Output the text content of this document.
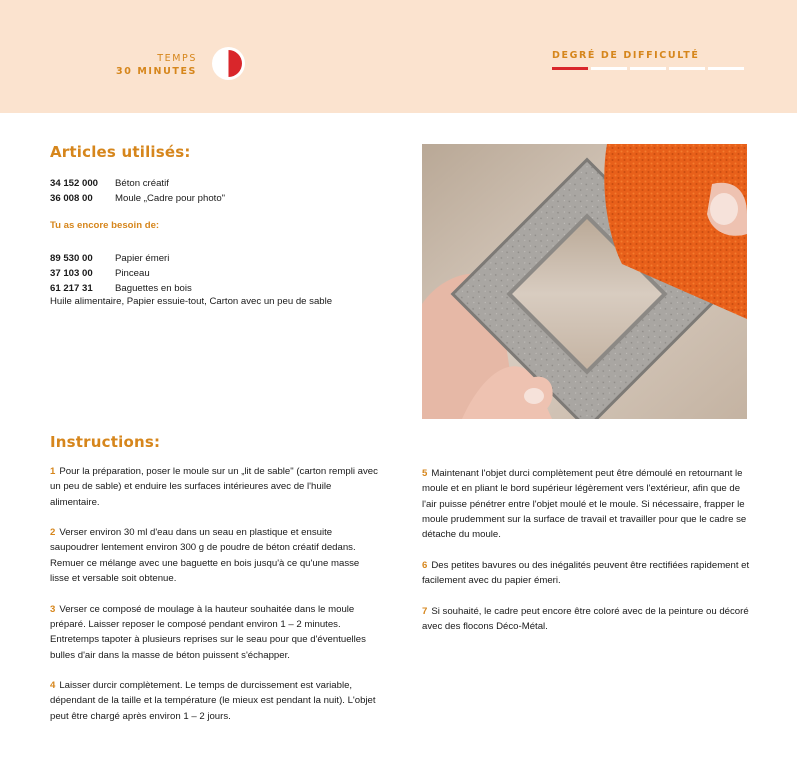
TEMPS
30 MINUTES
DEGRÉ DE DIFFICULTÉ
Articles utilisés:
34 152 000	Béton créatif
36 008 00	Moule „Cadre pour photo"
Tu as encore besoin de:
89 530 00	Papier émeri
37 103 00	Pinceau
61 217 31	Baguettes en bois
Huile alimentaire, Papier essuie-tout, Carton avec un peu de sable
Instructions:
1 Pour la préparation, poser le moule sur un „lit de sable" (carton rempli avec un peu de sable) et enduire les surfaces intérieures avec de l'huile alimentaire.
2 Verser environ 30 ml d'eau dans un seau en plastique et ensuite saupoudrer lentement environ 300 g de poudre de béton créatif dedans. Remuer ce mélange avec une baguette en bois jusqu'à ce qu'une masse lisse et versable soit obtenue.
3 Verser ce composé de moulage à la hauteur souhaitée dans le moule préparé. Laisser reposer le composé pendant environ 1 – 2 minutes. Entretemps tapoter à plusieurs reprises sur le seau pour que d'éventuelles bulles d'air dans la masse de béton puissent s'échapper.
4 Laisser durcir complètement. Le temps de durcissement est variable, dépendant de la taille et la température (le mieux est pendant la nuit). L'objet peut être chargé après environ 1 – 2 jours.
5 Maintenant l'objet durci complètement peut être démoulé en retournant le moule et en pliant le bord supérieur légèrement vers l'extérieur, afin que de l'air puisse pénétrer entre l'objet moulé et le moule. Si nécessaire, frapper le moule prudemment sur la surface de travail et travailler pour que le cadre se détache du moule.
6 Des petites bavures ou des inégalités peuvent être rectifiées rapidement et facilement avec du papier émeri.
7 Si souhaité, le cadre peut encore être coloré avec de la peinture ou décoré avec des flocons Déco-Métal.
